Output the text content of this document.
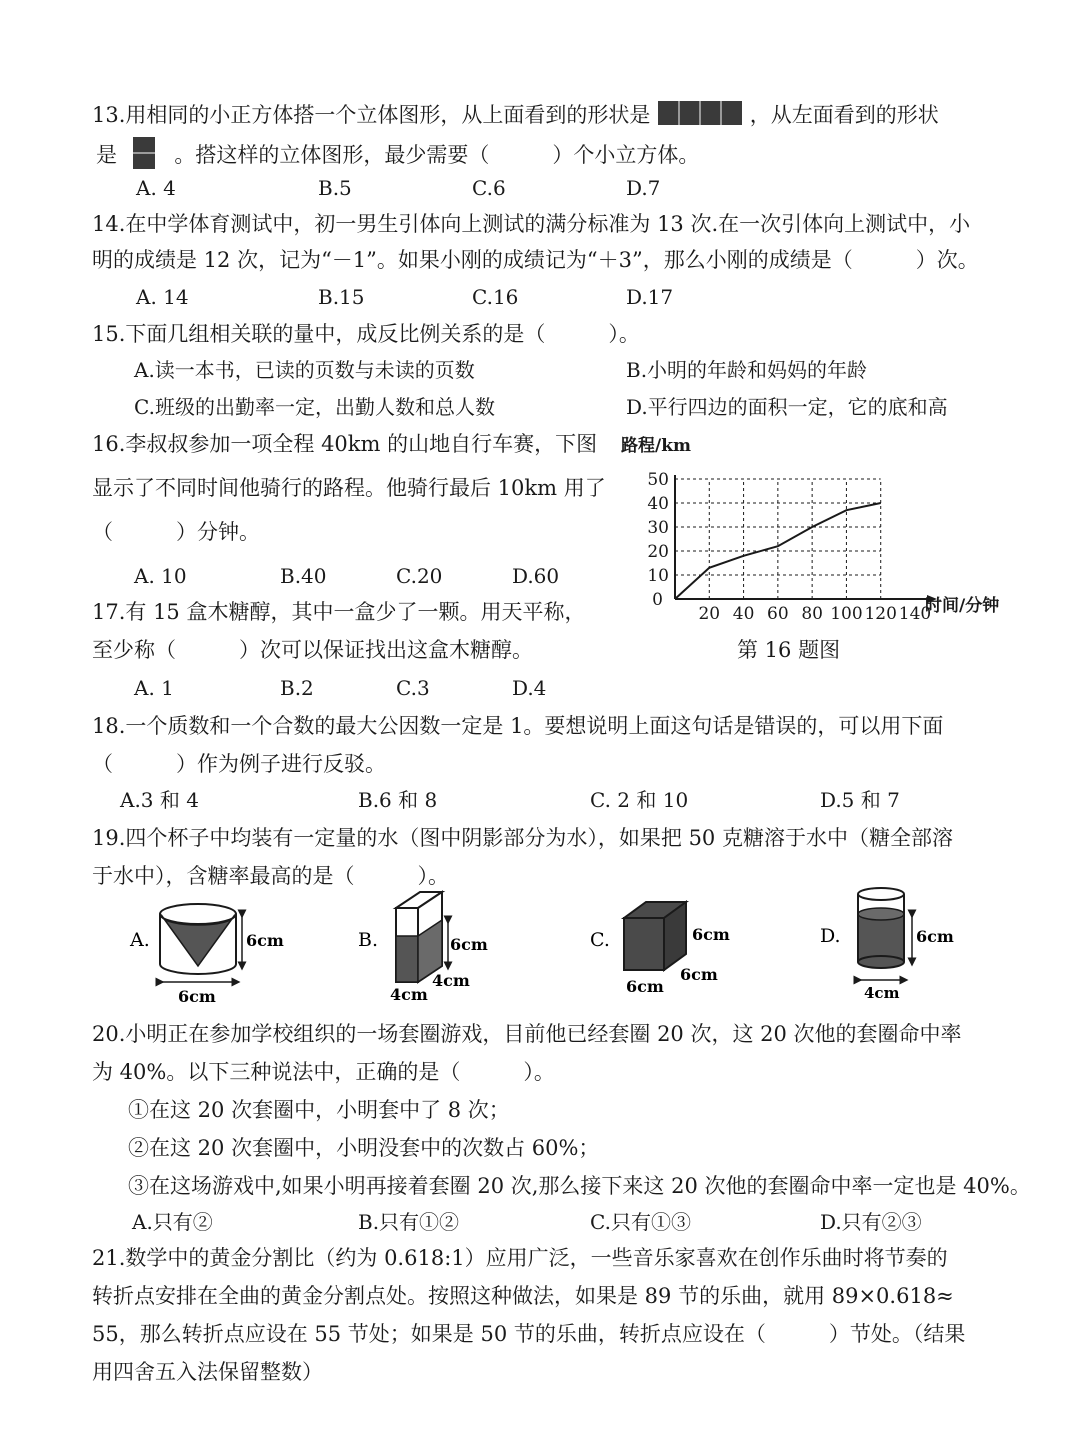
13.用相同的小正方体搭一个立体图形，从上面看到的形状是	，从左面看到的形状
是	。搭这样的立体图形，最少需要（　　　）个小立方体。
A. 4	B.5	C.6	D.7
14.在中学体育测试中，初一男生引体向上测试的满分标准为 13 次.在一次引体向上测试中，小
明的成绩是 12 次，记为“－1”。如果小刚的成绩记为“＋3”，那么小刚的成绩是（　　　）次。
A. 14	B.15	C.16	D.17
15.下面几组相关联的量中，成反比例关系的是（　　　）。
A.读一本书，已读的页数与未读的页数	B.小明的年龄和妈妈的年龄
C.班级的出勤率一定，出勤人数和总人数	D.平行四边的面积一定，它的底和高
16.李叔叔参加一项全程 40km 的山地自行车赛，下图
显示了不同时间他骑行的路程。他骑行最后 10km 用了
（　　　）分钟。
A. 10	B.40	C.20	D.60
路程/km
10
20
30
40
50
0
20 40 60 80 100 120 140
时间/分钟
第 16 题图
17.有 15 盒木糖醇，其中一盒少了一颗。用天平称，
至少称（　　　）次可以保证找出这盒木糖醇。
A. 1	B.2	C.3	D.4
18.一个质数和一个合数的最大公因数一定是 1。要想说明上面这句话是错误的，可以用下面
（　　　）作为例子进行反驳。
A.3 和 4	B.6 和 8	C. 2 和 10	D.5 和 7
19.四个杯子中均装有一定量的水（图中阴影部分为水），如果把 50 克糖溶于水中（糖全部溶
于水中），含糖率最高的是（　　　）。
A.	6cm
6cm
B.	6cm
4cm
4cm
C.	6cm
6cm
6cm
D.	6cm
4cm
20.小明正在参加学校组织的一场套圈游戏，目前他已经套圈 20 次，这 20 次他的套圈命中率
为 40%。以下三种说法中，正确的是（　　　）。
①在这 20 次套圈中，小明套中了 8 次；
②在这 20 次套圈中，小明没套中的次数占 60%；
③在这场游戏中,如果小明再接着套圈 20 次,那么接下来这 20 次他的套圈命中率一定也是 40%。
A.只有②	B.只有①②	C.只有①③	D.只有②③
21.数学中的黄金分割比（约为 0.618:1）应用广泛，一些音乐家喜欢在创作乐曲时将节奏的
转折点安排在全曲的黄金分割点处。按照这种做法，如果是 89 节的乐曲，就用 89×0.618≈
55，那么转折点应设在 55 节处；如果是 50 节的乐曲，转折点应设在（　　　）节处。（结果
用四舍五入法保留整数）
